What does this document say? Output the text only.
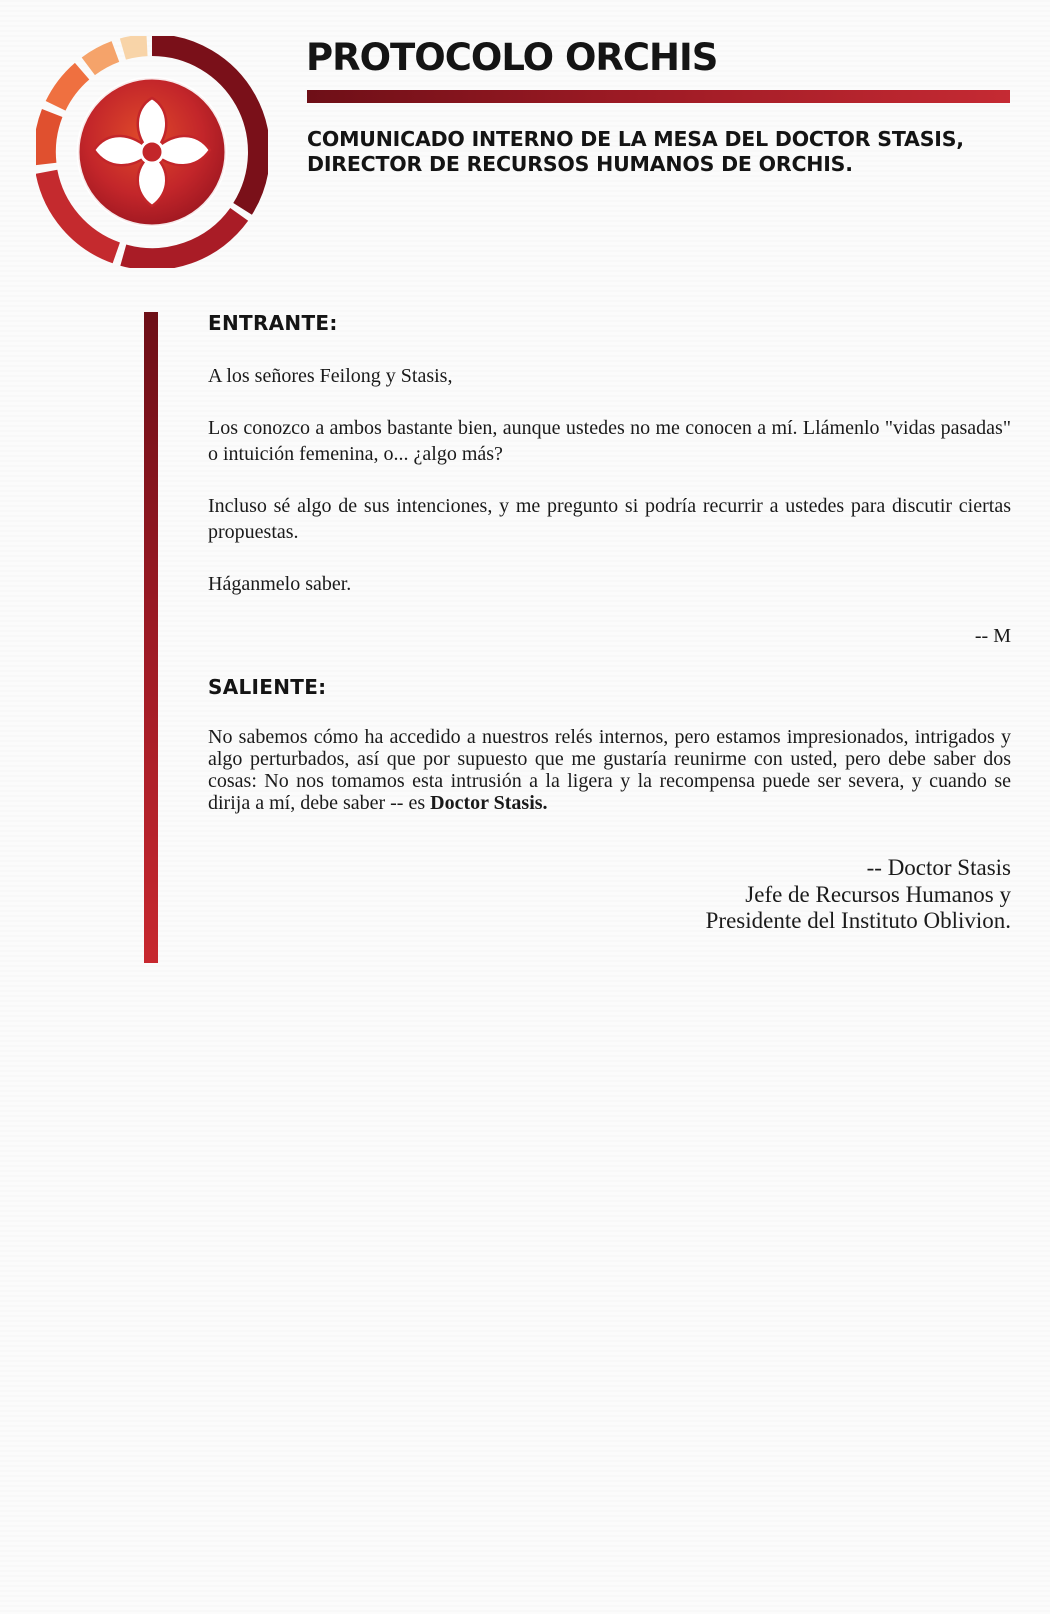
PROTOCOLO ORCHIS
COMUNICADO INTERNO DE LA MESA DEL DOCTOR STASIS,
DIRECTOR DE RECURSOS HUMANOS DE ORCHIS.
ENTRANTE:

A los señores Feilong y Stasis,

Los conozco a ambos bastante bien, aunque ustedes no me conocen a mí. Llámenlo "vidas pasadas" o intuición femenina, o... ¿algo más?

Incluso sé algo de sus intenciones, y me pregunto si podría recurrir a ustedes para discutir ciertas propuestas.

Háganmelo saber.

-- M

SALIENTE:

No sabemos cómo ha accedido a nuestros relés internos, pero estamos impresionados, intrigados y algo perturbados, así que por supuesto que me gustaría reunirme con usted, pero debe saber dos cosas: No nos tomamos esta intrusión a la ligera y la recompensa puede ser severa, y cuando se dirija a mí, debe saber -- es Doctor Stasis.

-- Doctor Stasis
Jefe de Recursos Humanos y
Presidente del Instituto Oblivion.
